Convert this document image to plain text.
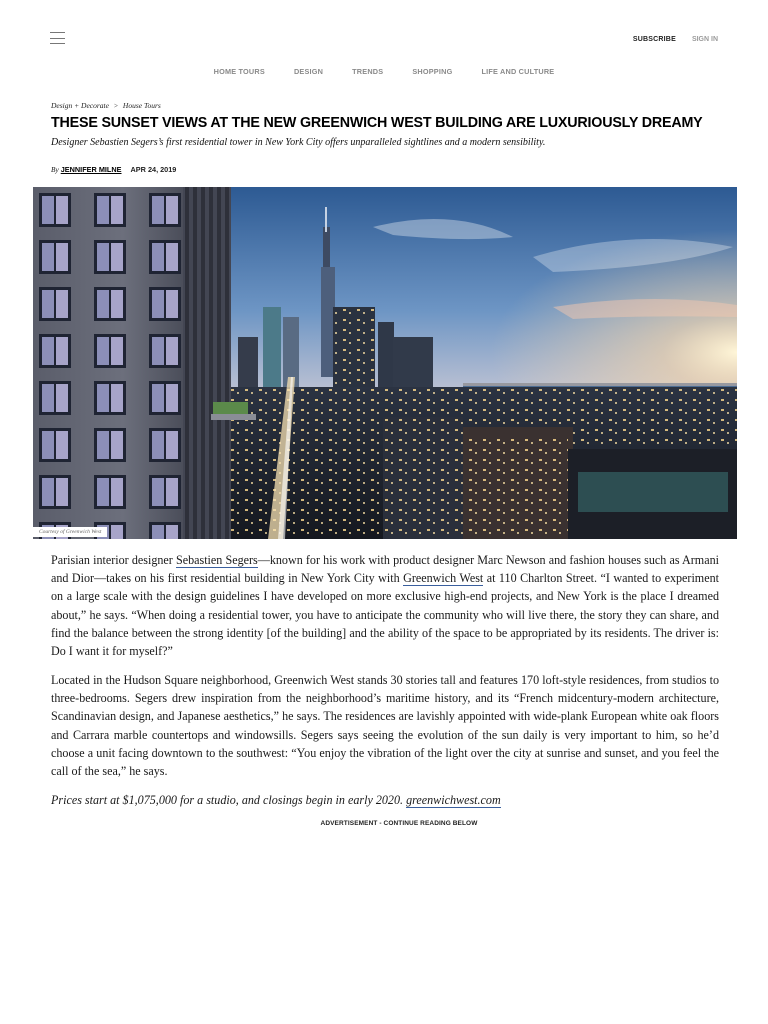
SUBSCRIBE	SIGN IN
HOME TOURS	DESIGN	TRENDS	SHOPPING	LIFE AND CULTURE
Design + Decorate > House Tours
THESE SUNSET VIEWS AT THE NEW GREENWICH WEST BUILDING ARE LUXURIOUSLY DREAMY

Designer Sebastien Segers’s first residential tower in New York City offers unparalleled sightlines and a modern sensibility.

By JENNIFER MILNE APR 24, 2019
Courtesy of Greenwich West

Parisian interior designer Sebastien Segers—known for his work with product designer Marc Newson and fashion houses such as Armani and Dior—takes on his first residential building in New York City with Greenwich West at 110 Charlton Street. “I wanted to experiment on a large scale with the design guidelines I have developed on more exclusive high-end projects, and New York is the place I dreamed about,” he says. “When doing a residential tower, you have to anticipate the community who will live there, the story they can share, and find the balance between the strong identity [of the building] and the ability of the space to be appropriated by its residents. The driver is: Do I want it for myself?”

Located in the Hudson Square neighborhood, Greenwich West stands 30 stories tall and features 170 loft-style residences, from studios to three-bedrooms. Segers drew inspiration from the neighborhood’s maritime history, and its “French midcentury-modern architecture, Scandinavian design, and Japanese aesthetics,” he says. The residences are lavishly appointed with wide-plank European white oak floors and Carrara marble countertops and windowsills. Segers says seeing the evolution of the sun daily is very important to him, so he’d choose a unit facing downtown to the southwest: “You enjoy the vibration of the light over the city at sunrise and sunset, and you feel the call of the sea,” he says.

Prices start at $1,075,000 for a studio, and closings begin in early 2020. greenwichwest.com

ADVERTISEMENT - CONTINUE READING BELOW
